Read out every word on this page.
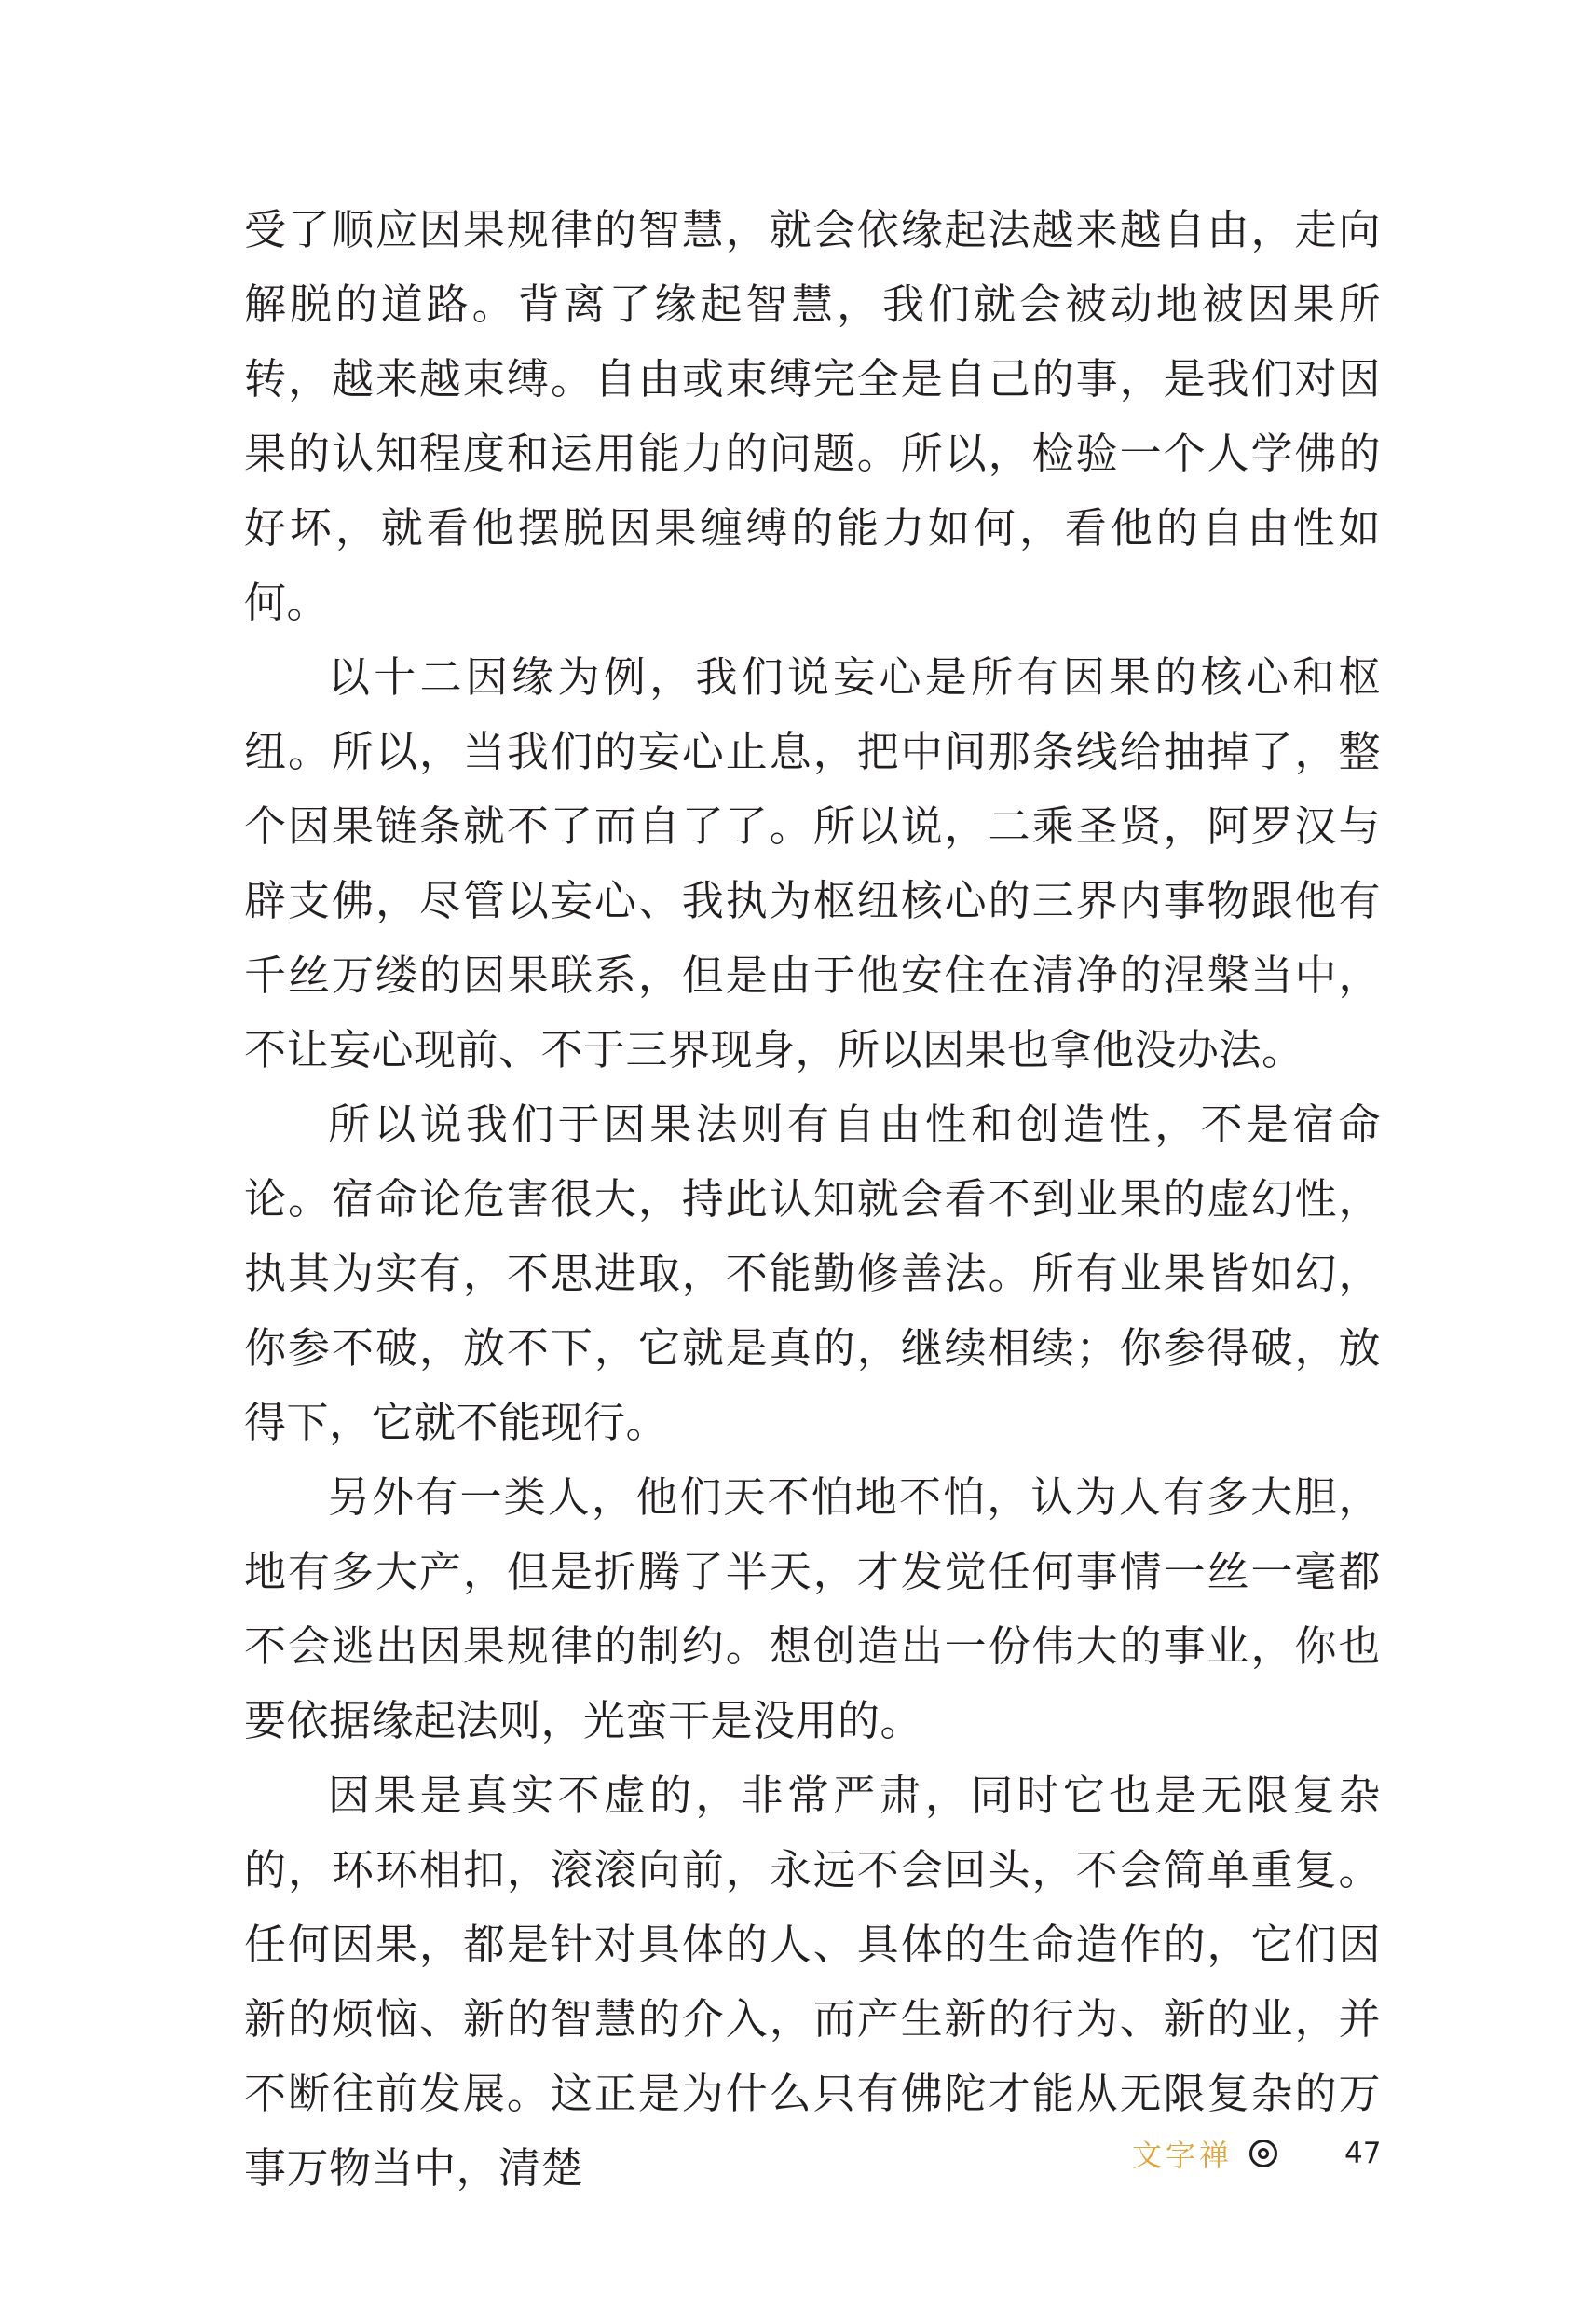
受了顺应因果规律的智慧，就会依缘起法越来越自由，走向解脱的道路。背离了缘起智慧，我们就会被动地被因果所转，越来越束缚。自由或束缚完全是自己的事，是我们对因果的认知程度和运用能力的问题。所以，检验一个人学佛的好坏，就看他摆脱因果缠缚的能力如何，看他的自由性如何。

以十二因缘为例，我们说妄心是所有因果的核心和枢纽。所以，当我们的妄心止息，把中间那条线给抽掉了，整个因果链条就不了而自了了。所以说，二乘圣贤，阿罗汉与辟支佛，尽管以妄心、我执为枢纽核心的三界内事物跟他有千丝万缕的因果联系，但是由于他安住在清净的涅槃当中，不让妄心现前、不于三界现身，所以因果也拿他没办法。

所以说我们于因果法则有自由性和创造性，不是宿命论。宿命论危害很大，持此认知就会看不到业果的虚幻性，执其为实有，不思进取，不能勤修善法。所有业果皆如幻，你参不破，放不下，它就是真的，继续相续；你参得破，放得下，它就不能现行。

另外有一类人，他们天不怕地不怕，认为人有多大胆，地有多大产，但是折腾了半天，才发觉任何事情一丝一毫都不会逃出因果规律的制约。想创造出一份伟大的事业，你也要依据缘起法则，光蛮干是没用的。

因果是真实不虚的，非常严肃，同时它也是无限复杂的，环环相扣，滚滚向前，永远不会回头，不会简单重复。任何因果，都是针对具体的人、具体的生命造作的，它们因新的烦恼、新的智慧的介入，而产生新的行为、新的业，并不断往前发展。这正是为什么只有佛陀才能从无限复杂的万事万物当中，清楚	文字禅	47
